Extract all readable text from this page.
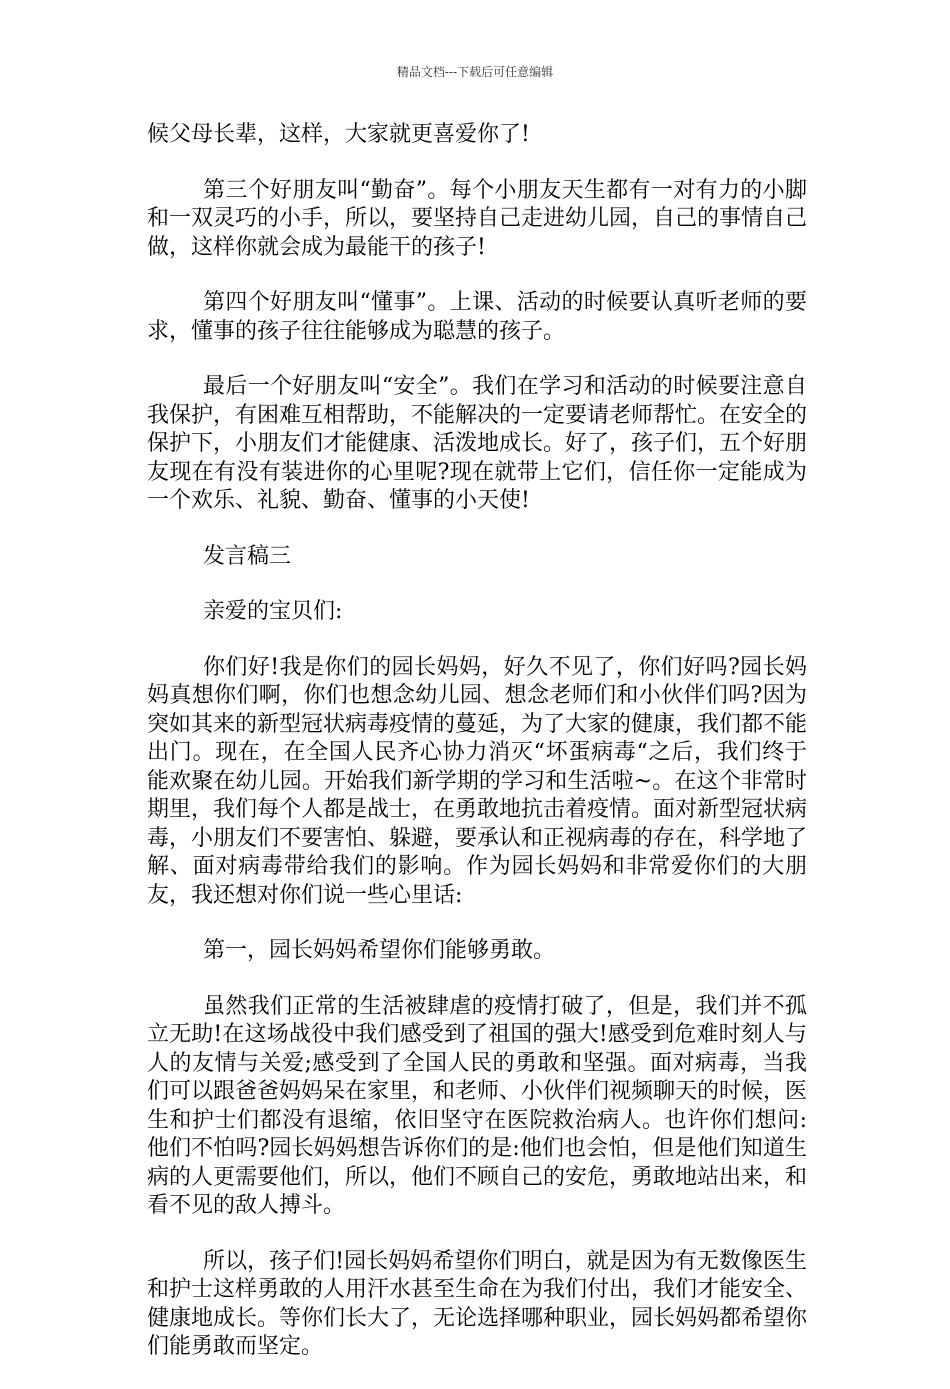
精品文档---下载后可任意编辑

候父母长辈，这样，大家就更喜爱你了!

第三个好朋友叫“勤奋”。每个小朋友天生都有一对有力的小脚和一双灵巧的小手，所以，要坚持自己走进幼儿园，自己的事情自己做，这样你就会成为最能干的孩子!

第四个好朋友叫“懂事”。上课、活动的时候要认真听老师的要求，懂事的孩子往往能够成为聪慧的孩子。

最后一个好朋友叫“安全”。我们在学习和活动的时候要注意自我保护，有困难互相帮助，不能解决的一定要请老师帮忙。在安全的保护下，小朋友们才能健康、活泼地成长。好了，孩子们，五个好朋友现在有没有装进你的心里呢?现在就带上它们，信任你一定能成为一个欢乐、礼貌、勤奋、懂事的小天使!

发言稿三

亲爱的宝贝们:

你们好!我是你们的园长妈妈，好久不见了，你们好吗?园长妈妈真想你们啊，你们也想念幼儿园、想念老师们和小伙伴们吗?因为突如其来的新型冠状病毒疫情的蔓延，为了大家的健康，我们都不能出门。现在，在全国人民齐心协力消灭“坏蛋病毒“之后，我们终于能欢聚在幼儿园。开始我们新学期的学习和生活啦~。在这个非常时期里，我们每个人都是战士，在勇敢地抗击着疫情。面对新型冠状病毒，小朋友们不要害怕、躲避，要承认和正视病毒的存在，科学地了解、面对病毒带给我们的影响。作为园长妈妈和非常爱你们的大朋友，我还想对你们说一些心里话:

第一，园长妈妈希望你们能够勇敢。

虽然我们正常的生活被肆虐的疫情打破了，但是，我们并不孤立无助!在这场战役中我们感受到了祖国的强大!感受到危难时刻人与人的友情与关爱;感受到了全国人民的勇敢和坚强。面对病毒，当我们可以跟爸爸妈妈呆在家里，和老师、小伙伴们视频聊天的时候，医生和护士们都没有退缩，依旧坚守在医院救治病人。也许你们想问:他们不怕吗?园长妈妈想告诉你们的是:他们也会怕，但是他们知道生病的人更需要他们，所以，他们不顾自己的安危，勇敢地站出来，和看不见的敌人搏斗。

所以，孩子们!园长妈妈希望你们明白，就是因为有无数像医生和护士这样勇敢的人用汗水甚至生命在为我们付出，我们才能安全、健康地成长。等你们长大了，无论选择哪种职业，园长妈妈都希望你们能勇敢而坚定。
